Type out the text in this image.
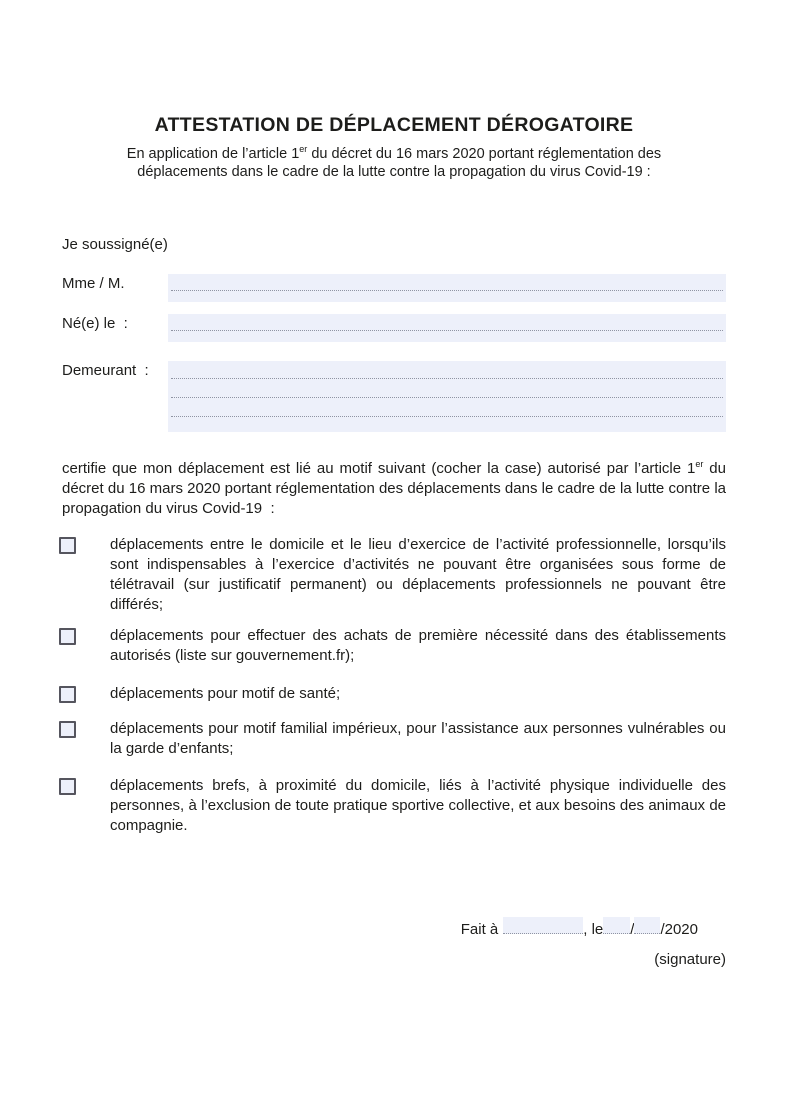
ATTESTATION DE DÉPLACEMENT DÉROGATOIRE

En application de l’article 1er du décret du 16 mars 2020 portant réglementation des déplacements dans le cadre de la lutte contre la propagation du virus Covid-19 :

Je soussigné(e)

Mme / M.
Né(e) le  :
Demeurant  :

certifie que mon déplacement est lié au motif suivant (cocher la case) autorisé par l’article 1er du décret du 16 mars 2020 portant réglementation des déplacements dans le cadre de la lutte contre la propagation du virus Covid-19  :

déplacements entre le domicile et le lieu d’exercice de l’activité professionnelle, lorsqu’ils sont indispensables à l’exercice d’activités ne pouvant être organisées sous forme de télétravail (sur justificatif permanent) ou déplacements professionnels ne pouvant être différés;

déplacements pour effectuer des achats de première nécessité dans des établissements autorisés (liste sur gouvernement.fr);

déplacements pour motif de santé;

déplacements pour motif familial impérieux, pour l’assistance aux personnes vulnérables ou la garde d’enfants;

déplacements brefs, à proximité du domicile, liés à l’activité physique individuelle des personnes, à l’exclusion de toute pratique sportive collective, et aux besoins des animaux de compagnie.

Fait à	, le / /2020
(signature)
